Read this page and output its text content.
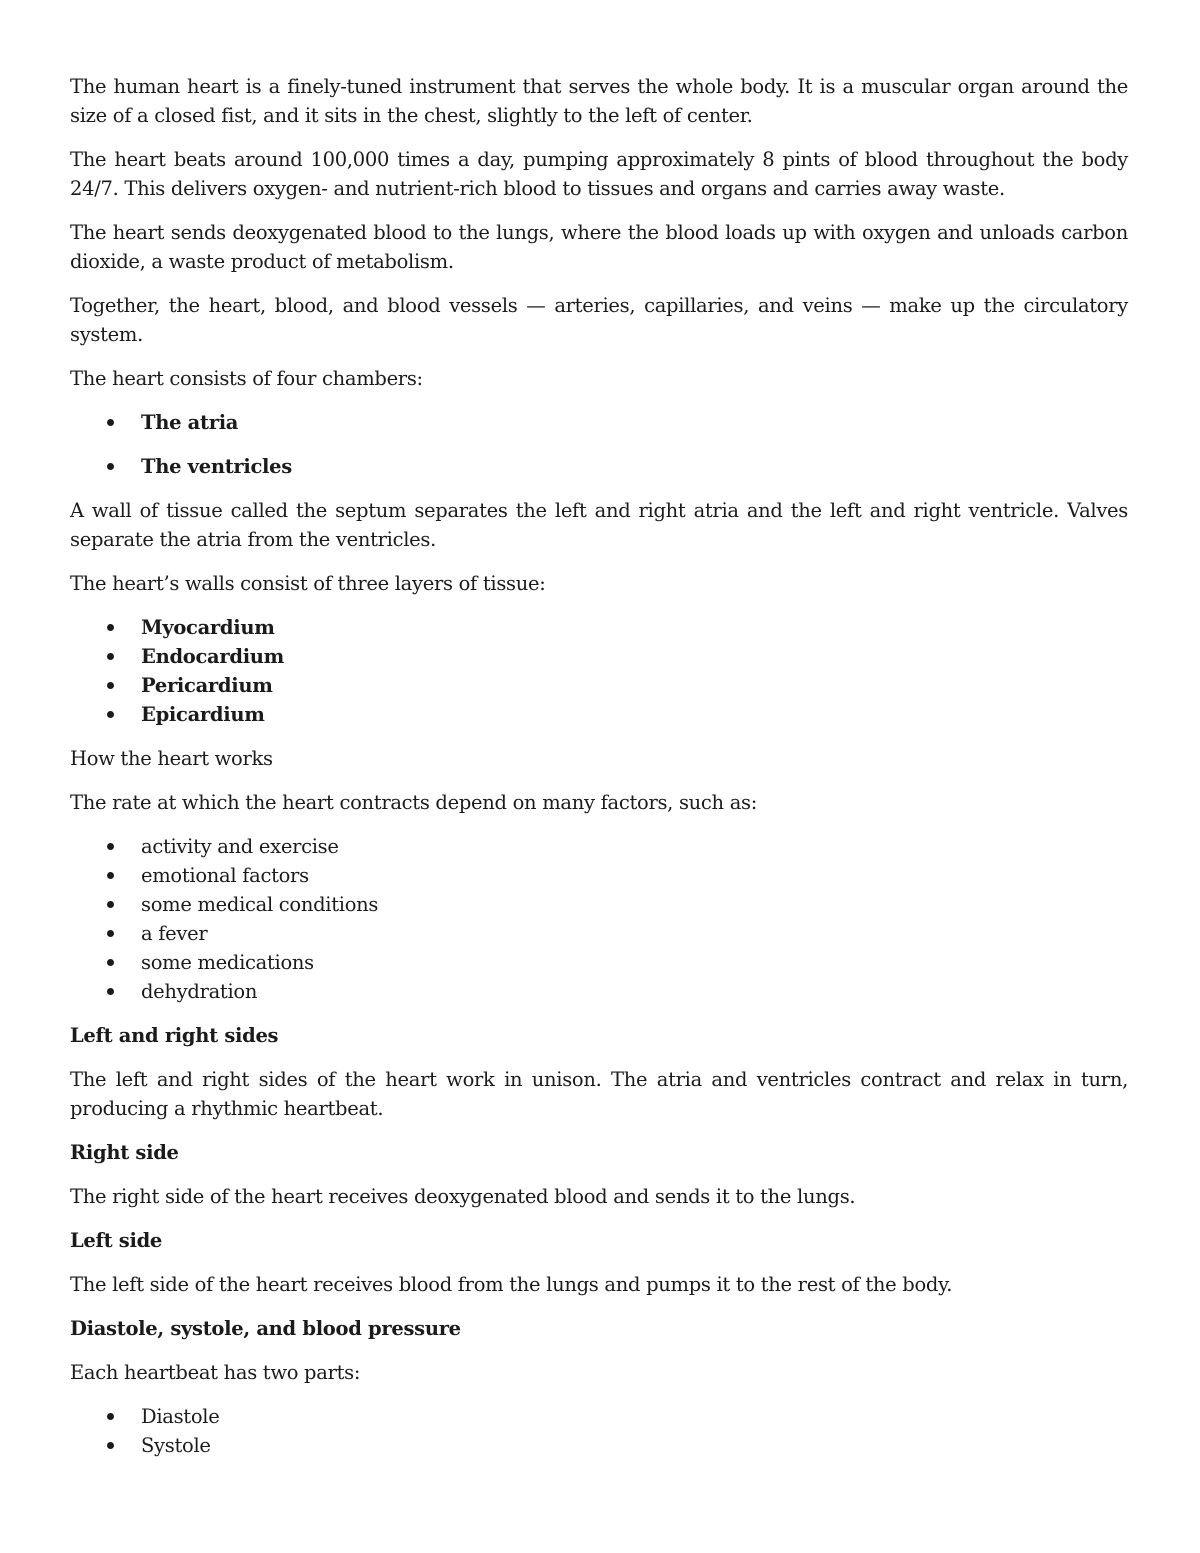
The human heart is a finely-tuned instrument that serves the whole body. It is a muscular organ around the size of a closed fist, and it sits in the chest, slightly to the left of center.

The heart beats around 100,000 times a day, pumping approximately 8 pints of blood throughout the body 24/7. This delivers oxygen- and nutrient-rich blood to tissues and organs and carries away waste.

The heart sends deoxygenated blood to the lungs, where the blood loads up with oxygen and unloads carbon dioxide, a waste product of metabolism.

Together, the heart, blood, and blood vessels — arteries, capillaries, and veins — make up the circulatory system.

The heart consists of four chambers:

The atria
The ventricles

A wall of tissue called the septum separates the left and right atria and the left and right ventricle. Valves separate the atria from the ventricles.

The heart’s walls consist of three layers of tissue:

Myocardium
Endocardium
Pericardium
Epicardium

How the heart works

The rate at which the heart contracts depend on many factors, such as:

activity and exercise
emotional factors
some medical conditions
a fever
some medications
dehydration

Left and right sides

The left and right sides of the heart work in unison. The atria and ventricles contract and relax in turn, producing a rhythmic heartbeat.

Right side

The right side of the heart receives deoxygenated blood and sends it to the lungs.

Left side

The left side of the heart receives blood from the lungs and pumps it to the rest of the body.

Diastole, systole, and blood pressure

Each heartbeat has two parts:

Diastole
Systole
